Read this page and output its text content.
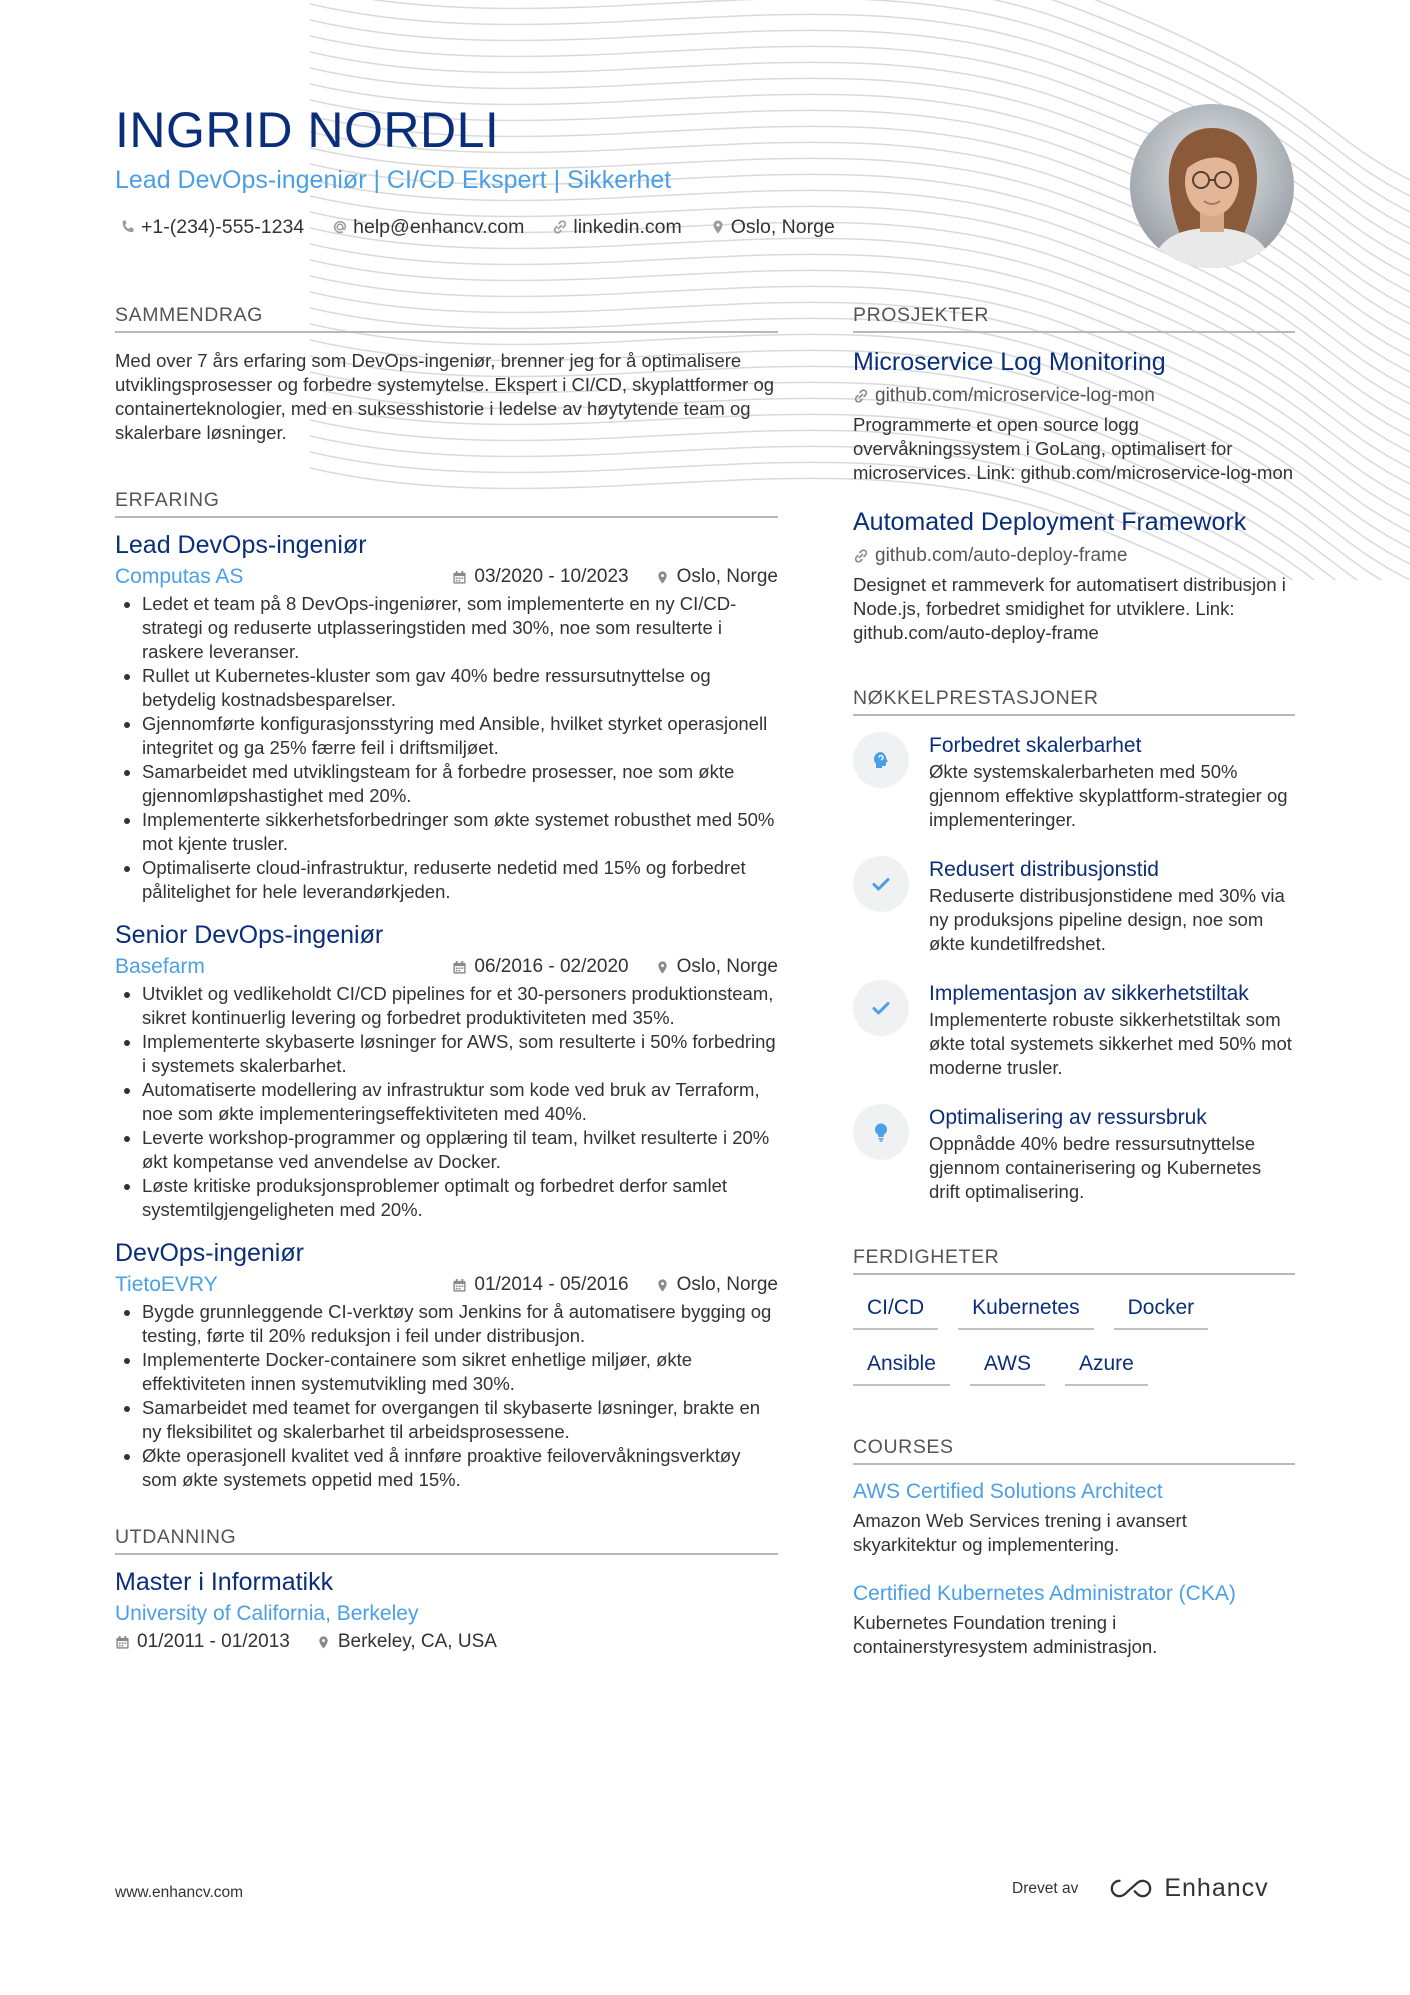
INGRID NORDLI
Lead DevOps-ingeniør | CI/CD Ekspert | Sikkerhet
+1-(234)-555-1234	help@enhancv.com	linkedin.com	Oslo, Norge
SAMMENDRAG
Med over 7 års erfaring som DevOps-ingeniør, brenner jeg for å optimalisere utviklingsprosesser og forbedre systemytelse. Ekspert i CI/CD, skyplattformer og containerteknologier, med en suksesshistorie i ledelse av høytytende team og skalerbare løsninger.
ERFARING
Lead DevOps-ingeniør
Computas AS	03/2020 - 10/2023	Oslo, Norge
• Ledet et team på 8 DevOps-ingeniører, som implementerte en ny CI/CD-strategi og reduserte utplasseringstiden med 30%, noe som resulterte i raskere leveranser.
• Rullet ut Kubernetes-kluster som gav 40% bedre ressursutnyttelse og betydelig kostnadsbesparelser.
• Gjennomførte konfigurasjonsstyring med Ansible, hvilket styrket operasjonell integritet og ga 25% færre feil i driftsmiljøet.
• Samarbeidet med utviklingsteam for å forbedre prosesser, noe som økte gjennomløpshastighet med 20%.
• Implementerte sikkerhetsforbedringer som økte systemet robusthet med 50% mot kjente trusler.
• Optimaliserte cloud-infrastruktur, reduserte nedetid med 15% og forbedret pålitelighet for hele leverandørkjeden.
Senior DevOps-ingeniør
Basefarm	06/2016 - 02/2020	Oslo, Norge
• Utviklet og vedlikeholdt CI/CD pipelines for et 30-personers produktionsteam, sikret kontinuerlig levering og forbedret produktiviteten med 35%.
• Implementerte skybaserte løsninger for AWS, som resulterte i 50% forbedring i systemets skalerbarhet.
• Automatiserte modellering av infrastruktur som kode ved bruk av Terraform, noe som økte implementeringseffektiviteten med 40%.
• Leverte workshop-programmer og opplæring til team, hvilket resulterte i 20% økt kompetanse ved anvendelse av Docker.
• Løste kritiske produksjonsproblemer optimalt og forbedret derfor samlet systemtilgjengeligheten med 20%.
DevOps-ingeniør
TietoEVRY	01/2014 - 05/2016	Oslo, Norge
• Bygde grunnleggende CI-verktøy som Jenkins for å automatisere bygging og testing, førte til 20% reduksjon i feil under distribusjon.
• Implementerte Docker-containere som sikret enhetlige miljøer, økte effektiviteten innen systemutvikling med 30%.
• Samarbeidet med teamet for overgangen til skybaserte løsninger, brakte en ny fleksibilitet og skalerbarhet til arbeidsprosessene.
• Økte operasjonell kvalitet ved å innføre proaktive feilovervåkningsverktøy som økte systemets oppetid med 15%.
UTDANNING
Master i Informatikk
University of California, Berkeley
01/2011 - 01/2013	Berkeley, CA, USA
PROSJEKTER
Microservice Log Monitoring
github.com/microservice-log-mon
Programmerte et open source logg overvåkningssystem i GoLang, optimalisert for microservices. Link: github.com/microservice-log-mon
Automated Deployment Framework
github.com/auto-deploy-frame
Designet et rammeverk for automatisert distribusjon i Node.js, forbedret smidighet for utviklere. Link: github.com/auto-deploy-frame
NØKKELPRESTASJONER
Forbedret skalerbarhet
Økte systemskalerbarheten med 50% gjennom effektive skyplattform-strategier og implementeringer.
Redusert distribusjonstid
Reduserte distribusjonstidene med 30% via ny produksjons pipeline design, noe som økte kundetilfredshet.
Implementasjon av sikkerhetstiltak
Implementerte robuste sikkerhetstiltak som økte total systemets sikkerhet med 50% mot moderne trusler.
Optimalisering av ressursbruk
Oppnådde 40% bedre ressursutnyttelse gjennom containerisering og Kubernetes drift optimalisering.
FERDIGHETER
CI/CD	Kubernetes	Docker
Ansible	AWS	Azure
COURSES
AWS Certified Solutions Architect
Amazon Web Services trening i avansert skyarkitektur og implementering.
Certified Kubernetes Administrator (CKA)
Kubernetes Foundation trening i containerstyresystem administrasjon.
www.enhancv.com	Drevet av	Enhancv
